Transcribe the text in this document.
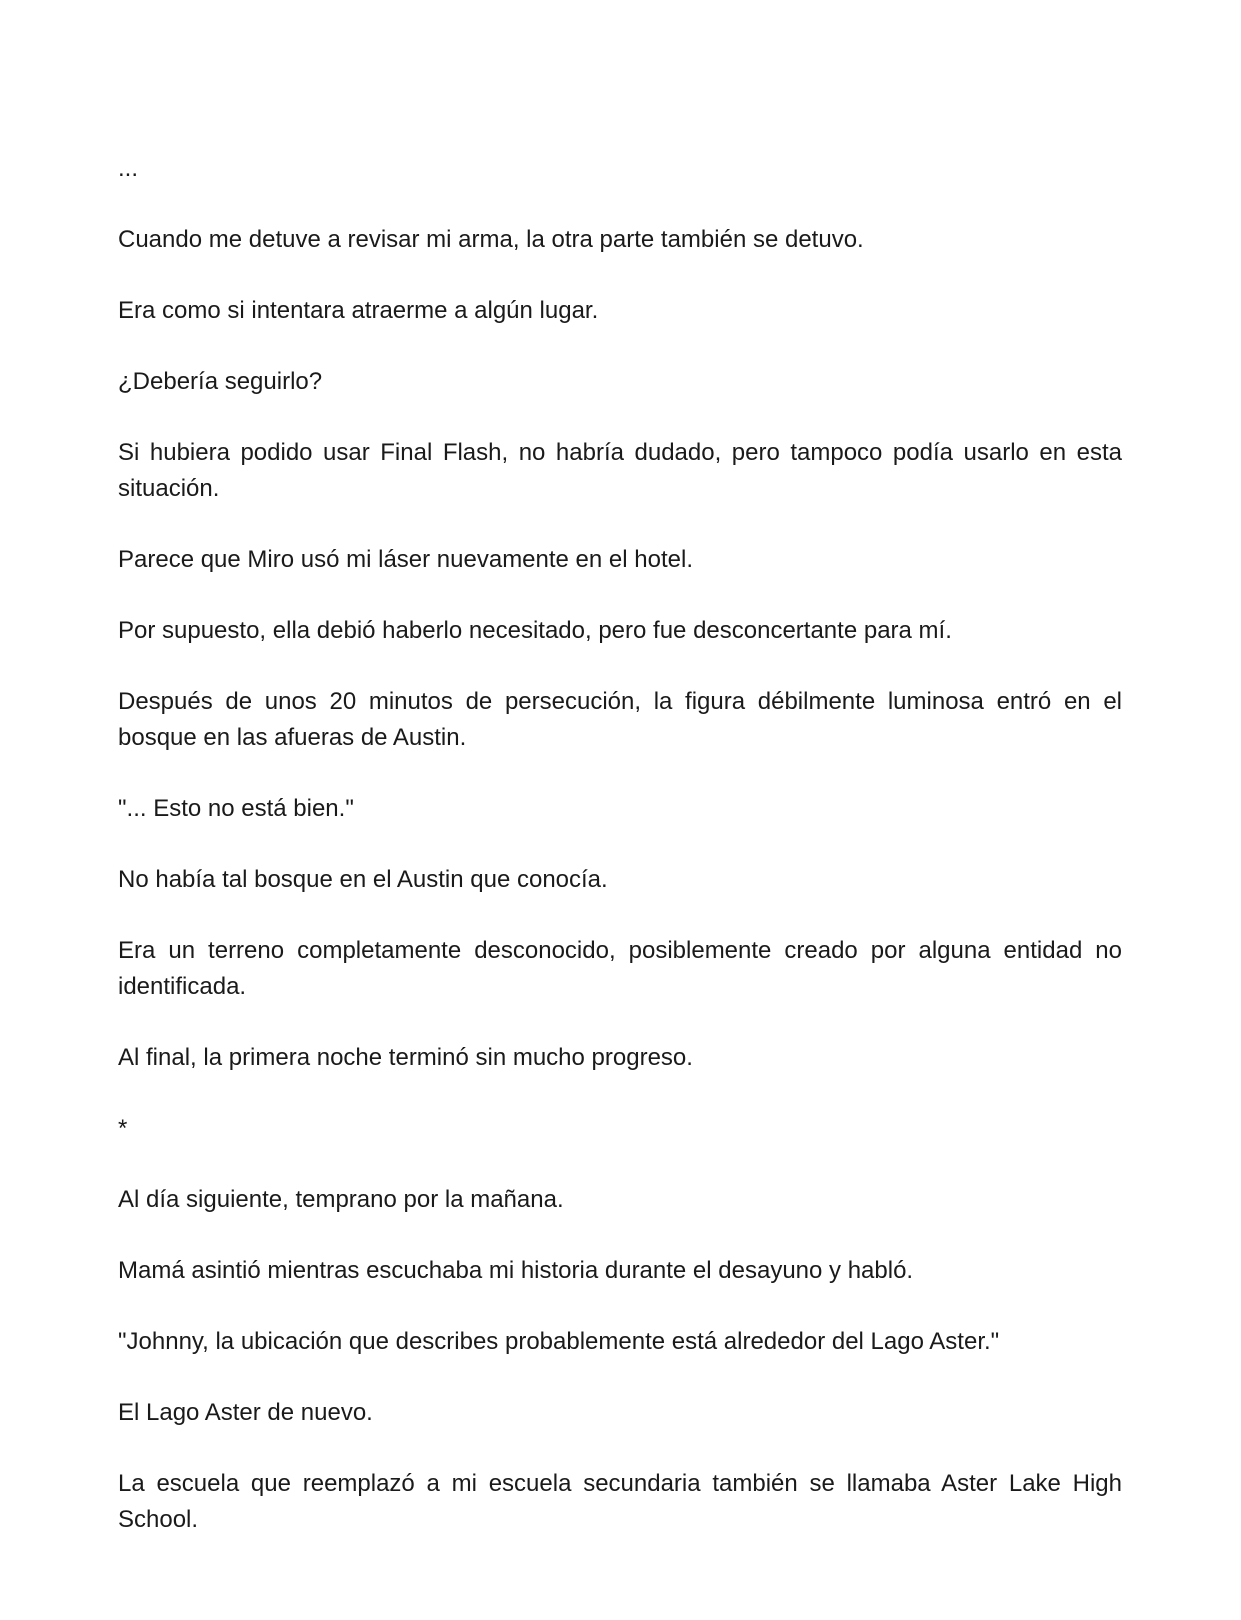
...

Cuando me detuve a revisar mi arma, la otra parte también se detuvo.

Era como si intentara atraerme a algún lugar.

¿Debería seguirlo?

Si hubiera podido usar Final Flash, no habría dudado, pero tampoco podía usarlo en esta situación.

Parece que Miro usó mi láser nuevamente en el hotel.

Por supuesto, ella debió haberlo necesitado, pero fue desconcertante para mí.

Después de unos 20 minutos de persecución, la figura débilmente luminosa entró en el bosque en las afueras de Austin.

"... Esto no está bien."

No había tal bosque en el Austin que conocía.

Era un terreno completamente desconocido, posiblemente creado por alguna entidad no identificada.

Al final, la primera noche terminó sin mucho progreso.

*

Al día siguiente, temprano por la mañana.

Mamá asintió mientras escuchaba mi historia durante el desayuno y habló.

"Johnny, la ubicación que describes probablemente está alrededor del Lago Aster."

El Lago Aster de nuevo.

La escuela que reemplazó a mi escuela secundaria también se llamaba Aster Lake High School.
